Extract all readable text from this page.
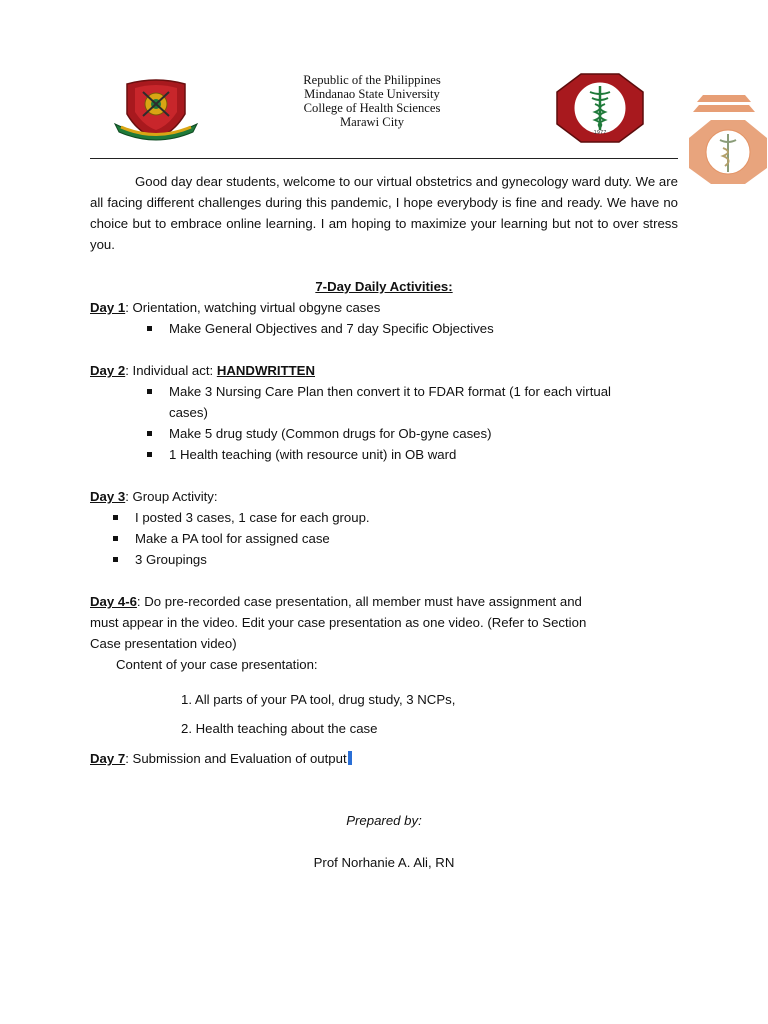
Republic of the Philippines
Mindanao State University
College of Health Sciences
Marawi City
1977
Good day dear students, welcome to our virtual obstetrics and gynecology ward duty. We are all facing different challenges during this pandemic, I hope everybody is fine and ready. We have no choice but to embrace online learning. I am hoping to maximize your learning but not to over stress you.
7-Day Daily Activities:
Day 1: Orientation, watching virtual obgyne cases
Make General Objectives and 7 day Specific Objectives
Day 2: Individual act: HANDWRITTEN
Make 3 Nursing Care Plan then convert it to FDAR format (1 for each virtual
cases)
Make 5 drug study (Common drugs for Ob-gyne cases)
1 Health teaching (with resource unit) in OB ward
Day 3: Group Activity:
I posted 3 cases, 1 case for each group.
Make a PA tool for assigned case
3 Groupings
Day 4-6: Do pre-recorded case presentation, all member must have assignment and
must appear in the video. Edit your case presentation as one video. (Refer to Section
Case presentation video)
Content of your case presentation:
1. All parts of your PA tool, drug study, 3 NCPs,
2. Health teaching about the case
Day 7: Submission and Evaluation of output
Prepared by:
Prof Norhanie A. Ali, RN
